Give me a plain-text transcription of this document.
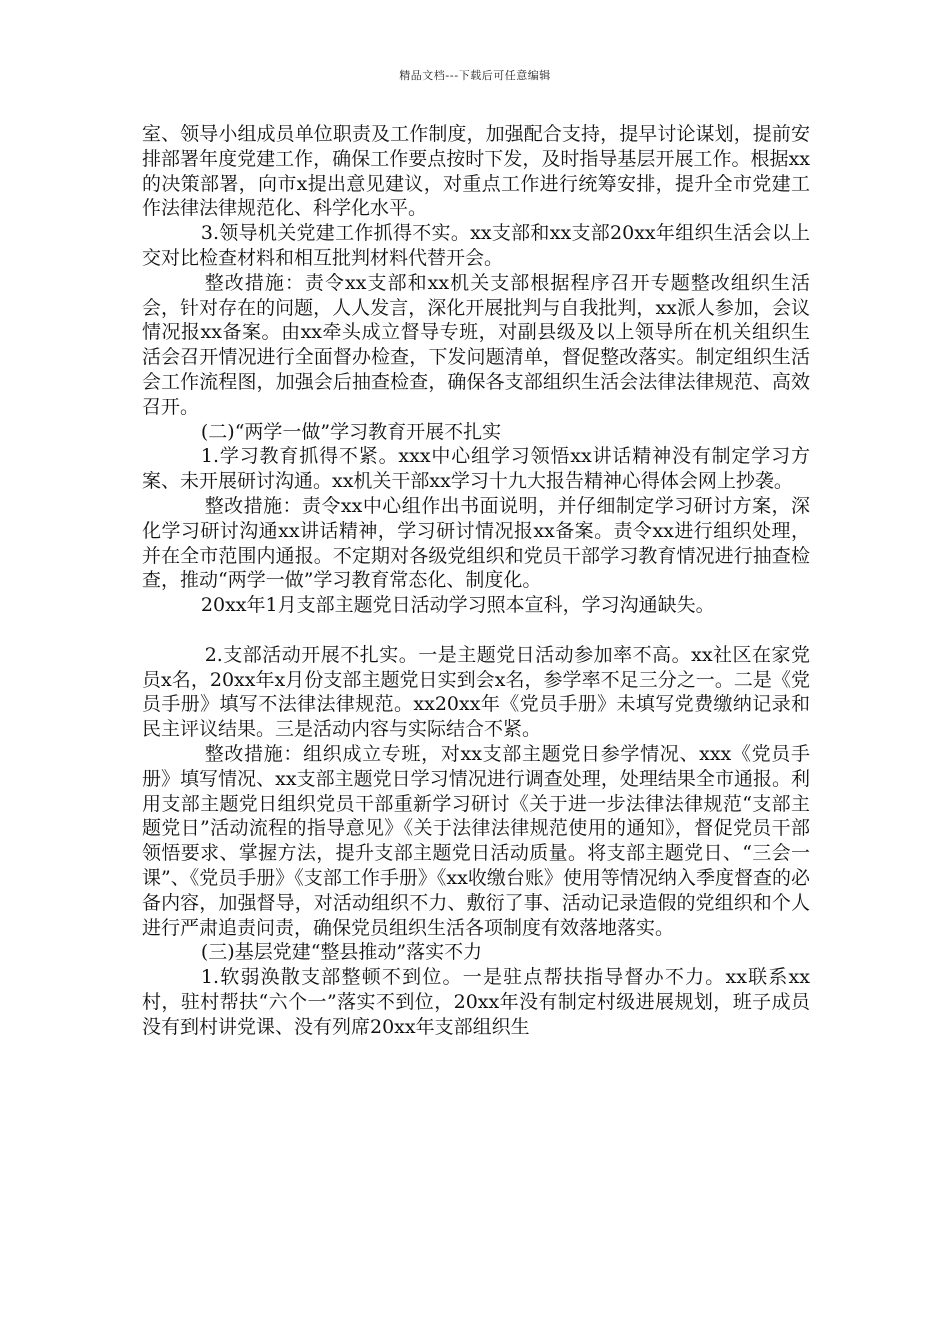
精品文档---下载后可任意编辑

室、领导小组成员单位职责及工作制度，加强配合支持，提早讨论谋划，提前安排部署年度党建工作，确保工作要点按时下发，及时指导基层开展工作。根据xx的决策部署，向市x提出意见建议，对重点工作进行统筹安排，提升全市党建工作法律法律规范化、科学化水平。

3.领导机关党建工作抓得不实。xx支部和xx支部20xx年组织生活会以上交对比检查材料和相互批判材料代替开会。

整改措施：责令xx支部和xx机关支部根据程序召开专题整改组织生活会，针对存在的问题，人人发言，深化开展批判与自我批判，xx派人参加，会议情况报xx备案。由xx牵头成立督导专班，对副县级及以上领导所在机关组织生活会召开情况进行全面督办检查，下发问题清单，督促整改落实。制定组织生活会工作流程图，加强会后抽查检查，确保各支部组织生活会法律法律规范、高效召开。

(二)“两学一做”学习教育开展不扎实

1.学习教育抓得不紧。xxx中心组学习领悟xx讲话精神没有制定学习方案、未开展研讨沟通。xx机关干部xx学习十九大报告精神心得体会网上抄袭。

整改措施：责令xx中心组作出书面说明，并仔细制定学习研讨方案，深化学习研讨沟通xx讲话精神，学习研讨情况报xx备案。责令xx进行组织处理，并在全市范围内通报。不定期对各级党组织和党员干部学习教育情况进行抽查检查，推动“两学一做”学习教育常态化、制度化。

20xx年1月支部主题党日活动学习照本宣科，学习沟通缺失。

2.支部活动开展不扎实。一是主题党日活动参加率不高。xx社区在家党员x名，20xx年x月份支部主题党日实到会x名，参学率不足三分之一。二是《党员手册》填写不法律法律规范。xx20xx年《党员手册》未填写党费缴纳记录和民主评议结果。三是活动内容与实际结合不紧。

整改措施：组织成立专班，对xx支部主题党日参学情况、xxx《党员手册》填写情况、xx支部主题党日学习情况进行调查处理，处理结果全市通报。利用支部主题党日组织党员干部重新学习研讨《关于进一步法律法律规范“支部主题党日”活动流程的指导意见》《关于法律法律规范使用的通知》，督促党员干部领悟要求、掌握方法，提升支部主题党日活动质量。将支部主题党日、“三会一课”、《党员手册》《支部工作手册》《xx收缴台账》使用等情况纳入季度督查的必备内容，加强督导，对活动组织不力、敷衍了事、活动记录造假的党组织和个人进行严肃追责问责，确保党员组织生活各项制度有效落地落实。

(三)基层党建“整县推动”落实不力

1.软弱涣散支部整顿不到位。一是驻点帮扶指导督办不力。xx联系xx村，驻村帮扶“六个一”落实不到位，20xx年没有制定村级进展规划，班子成员没有到村讲党课、没有列席20xx年支部组织生
